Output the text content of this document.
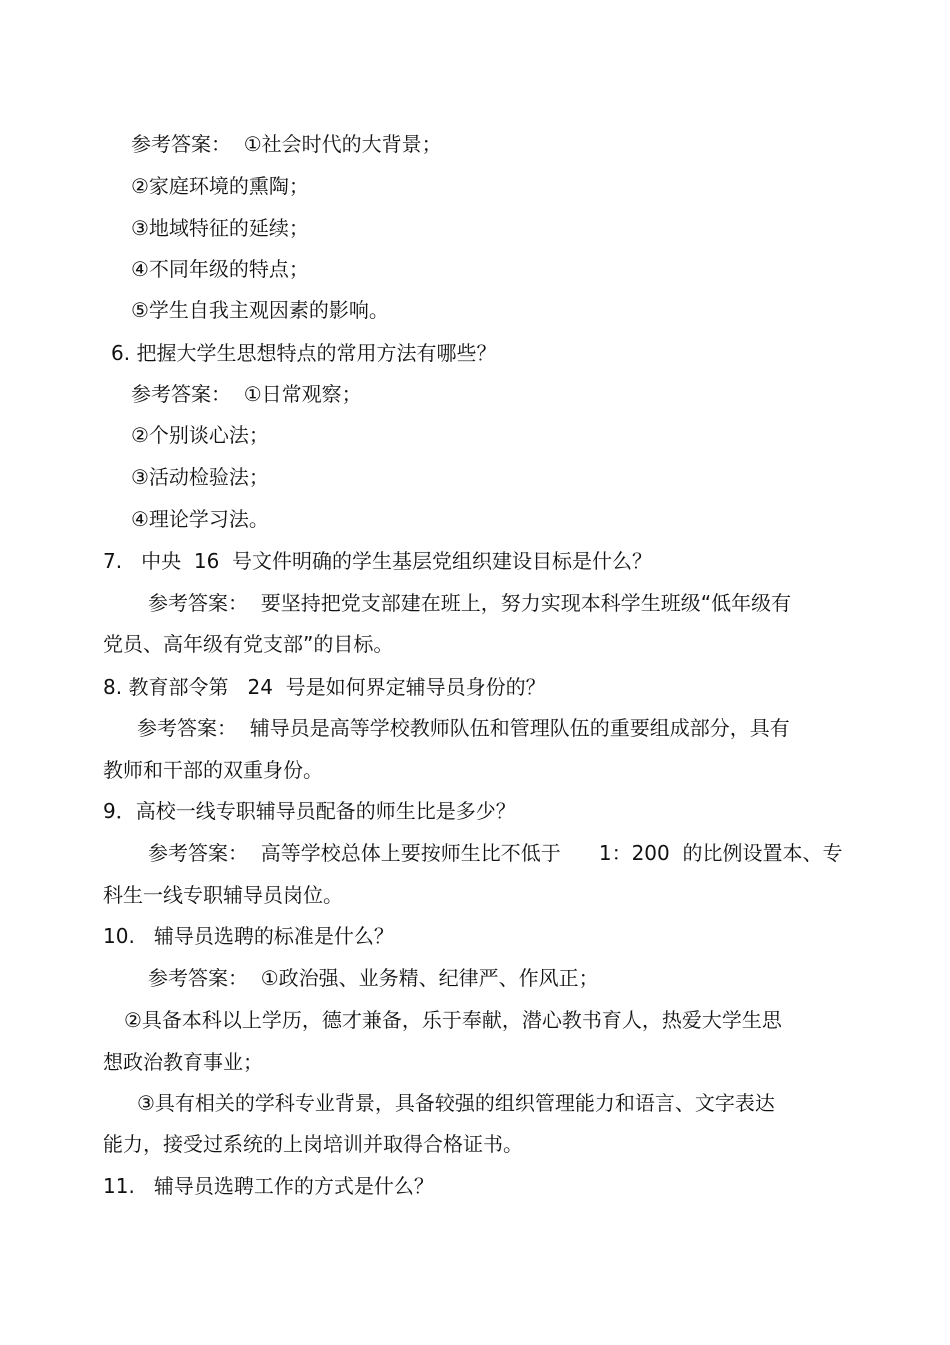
参考答案：  ①社会时代的大背景；
②家庭环境的熏陶；
③地域特征的延续；
④不同年级的特点；
⑤学生自我主观因素的影响。
6. 把握大学生思想特点的常用方法有哪些？
参考答案：  ①日常观察；
②个别谈心法；
③活动检验法；
④理论学习法。
7.   中央  16  号文件明确的学生基层党组织建设目标是什么？
参考答案：  要坚持把党支部建在班上，努力实现本科学生班级“低年级有
党员、高年级有党支部”的目标。
8. 教育部令第   24  号是如何界定辅导员身份的？
参考答案：  辅导员是高等学校教师队伍和管理队伍的重要组成部分，具有
教师和干部的双重身份。
9．高校一线专职辅导员配备的师生比是多少？
参考答案：  高等学校总体上要按师生比不低于      1：200  的比例设置本、专
科生一线专职辅导员岗位。
10.   辅导员选聘的标准是什么？
参考答案：  ①政治强、业务精、纪律严、作风正；
②具备本科以上学历，德才兼备，乐于奉献，潜心教书育人，热爱大学生思
想政治教育事业；
③具有相关的学科专业背景，具备较强的组织管理能力和语言、文字表达
能力，接受过系统的上岗培训并取得合格证书。
11.   辅导员选聘工作的方式是什么？
